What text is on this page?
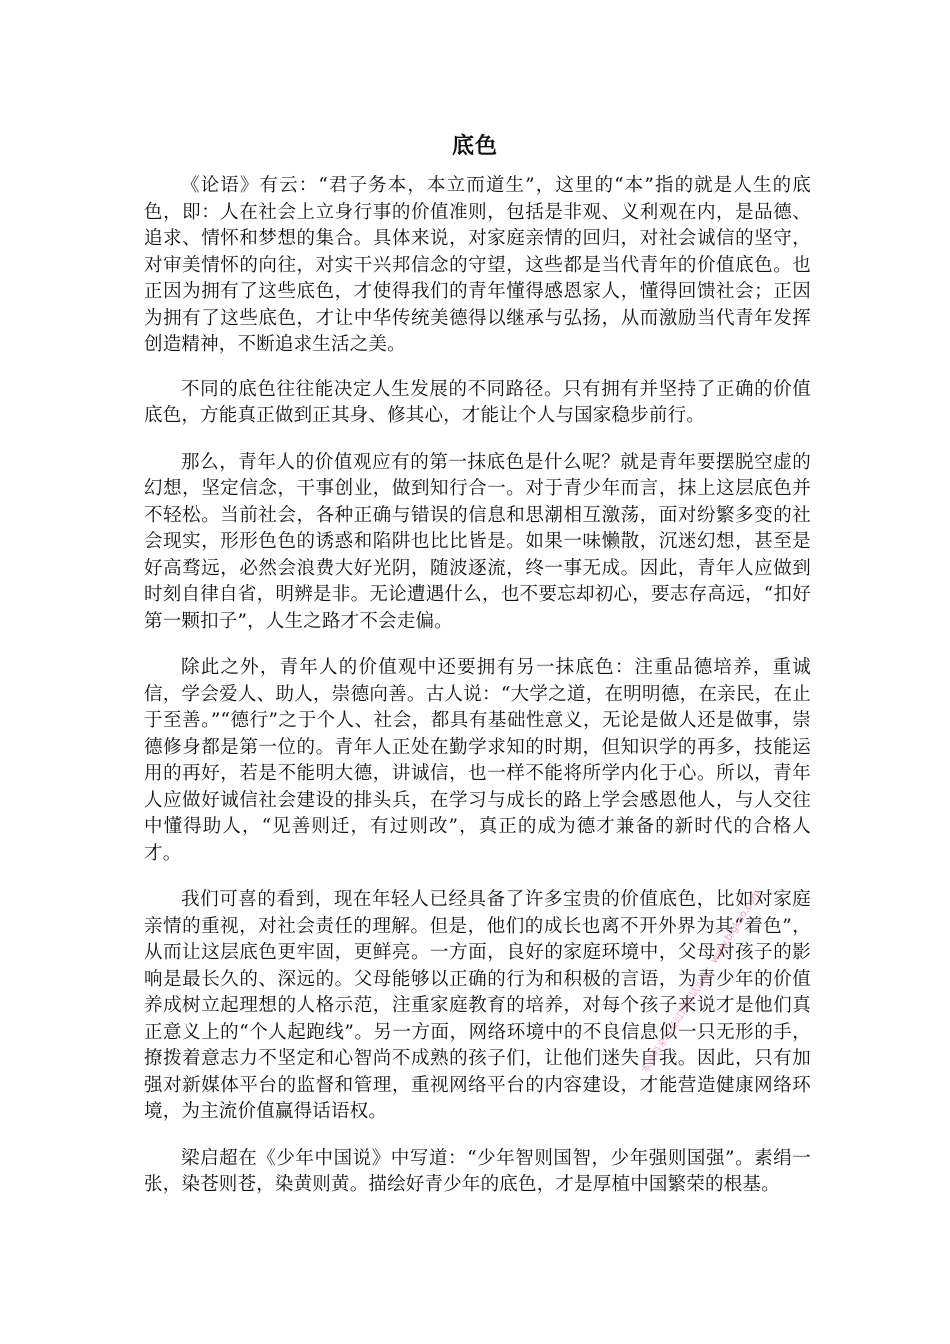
底色

《论语》有云：“君子务本，本立而道生”，这里的“本”指的就是人生的底色，即：人在社会上立身行事的价值准则，包括是非观、义利观在内，是品德、追求、情怀和梦想的集合。具体来说，对家庭亲情的回归，对社会诚信的坚守，对审美情怀的向往，对实干兴邦信念的守望，这些都是当代青年的价值底色。也正因为拥有了这些底色，才使得我们的青年懂得感恩家人，懂得回馈社会；正因为拥有了这些底色，才让中华传统美德得以继承与弘扬，从而激励当代青年发挥创造精神，不断追求生活之美。

不同的底色往往能决定人生发展的不同路径。只有拥有并坚持了正确的价值底色，方能真正做到正其身、修其心，才能让个人与国家稳步前行。

那么，青年人的价值观应有的第一抹底色是什么呢？就是青年要摆脱空虚的幻想，坚定信念，干事创业，做到知行合一。对于青少年而言，抹上这层底色并不轻松。当前社会，各种正确与错误的信息和思潮相互激荡，面对纷繁多变的社会现实，形形色色的诱惑和陷阱也比比皆是。如果一味懒散，沉迷幻想，甚至是好高骛远，必然会浪费大好光阴，随波逐流，终一事无成。因此，青年人应做到时刻自律自省，明辨是非。无论遭遇什么，也不要忘却初心，要志存高远，“扣好第一颗扣子”，人生之路才不会走偏。

除此之外，青年人的价值观中还要拥有另一抹底色：注重品德培养，重诚信，学会爱人、助人，崇德向善。古人说：“大学之道，在明明德，在亲民，在止于至善。”“德行”之于个人、社会，都具有基础性意义，无论是做人还是做事，崇德修身都是第一位的。青年人正处在勤学求知的时期，但知识学的再多，技能运用的再好，若是不能明大德，讲诚信，也一样不能将所学内化于心。所以，青年人应做好诚信社会建设的排头兵，在学习与成长的路上学会感恩他人，与人交往中懂得助人，“见善则迁，有过则改”，真正的成为德才兼备的新时代的合格人才。

我们可喜的看到，现在年轻人已经具备了许多宝贵的价值底色，比如对家庭亲情的重视，对社会责任的理解。但是，他们的成长也离不开外界为其“着色”，从而让这层底色更牢固，更鲜亮。一方面，良好的家庭环境中，父母对孩子的影响是最长久的、深远的。父母能够以正确的行为和积极的言语，为青少年的价值养成树立起理想的人格示范，注重家庭教育的培养，对每个孩子来说才是他们真正意义上的“个人起跑线”。另一方面，网络环境中的不良信息似一只无形的手，撩拨着意志力不坚定和心智尚不成熟的孩子们，让他们迷失自我。因此，只有加强对新媒体平台的监督和管理，重视网络平台的内容建设，才能营造健康网络环境，为主流价值赢得话语权。

梁启超在《少年中国说》中写道：“少年智则国智，少年强则国强”。素绢一张，染苍则苍，染黄则黄。描绘好青少年的底色，才是厚植中国繁荣的根基。

本资料来自必过网考试论坛：www.bigkao.com
